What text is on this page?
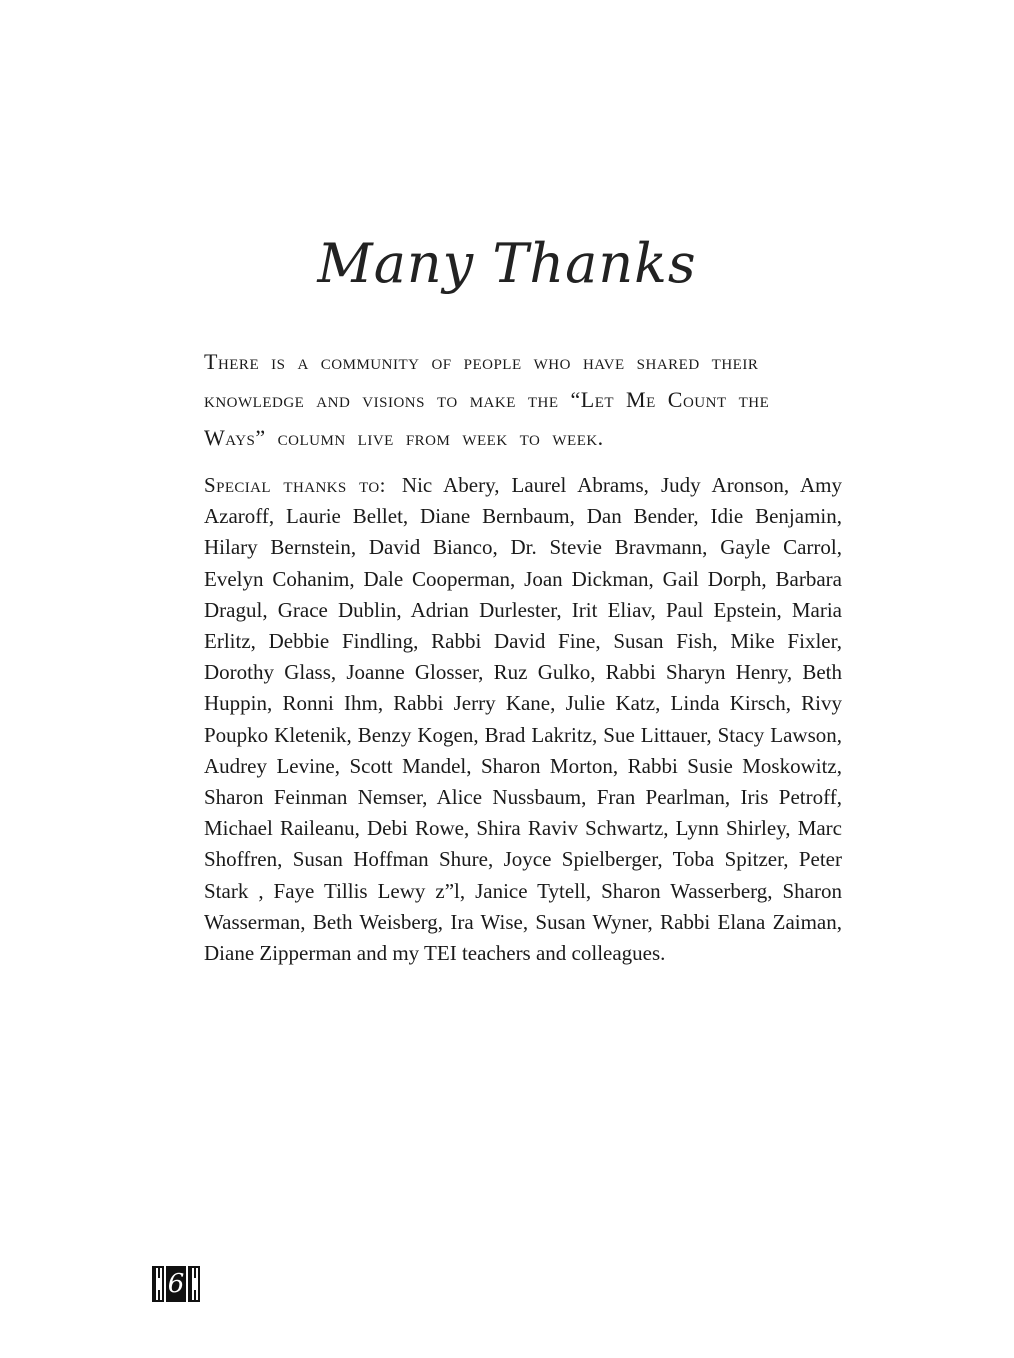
Many Thanks

There is a community of people who have shared their knowledge and visions to make the “Let Me Count the Ways” column live from week to week.

Special thanks to: Nic Abery, Laurel Abrams, Judy Aronson, Amy Azaroff, Laurie Bellet, Diane Bernbaum, Dan Bender, Idie Benjamin, Hilary Bernstein, David Bianco, Dr. Stevie Bravmann, Gayle Carrol, Evelyn Cohanim, Dale Cooperman, Joan Dickman, Gail Dorph, Barbara Dragul, Grace Dublin, Adrian Durlester, Irit Eliav, Paul Epstein, Maria Erlitz, Debbie Findling, Rabbi David Fine, Susan Fish, Mike Fixler, Dorothy Glass, Joanne Glosser, Ruz Gulko, Rabbi Sharyn Henry, Beth Huppin, Ronni Ihm, Rabbi Jerry Kane, Julie Katz, Linda Kirsch, Rivy Poupko Kletenik, Benzy Kogen, Brad Lakritz, Sue Littauer, Stacy Lawson, Audrey Levine, Scott Mandel, Sharon Morton, Rabbi Susie Moskowitz, Sharon Feinman Nemser, Alice Nussbaum, Fran Pearlman, Iris Petroff, Michael Raileanu, Debi Rowe, Shira Raviv Schwartz, Lynn Shirley, Marc Shoffren, Susan Hoffman Shure, Joyce Spielberger, Toba Spitzer, Peter Stark , Faye Tillis Lewy z”l, Janice Tytell, Sharon Wasserberg, Sharon Wasserman, Beth Weisberg, Ira Wise, Susan Wyner, Rabbi Elana Zaiman, Diane Zipperman and my TEI teachers and colleagues.

6
